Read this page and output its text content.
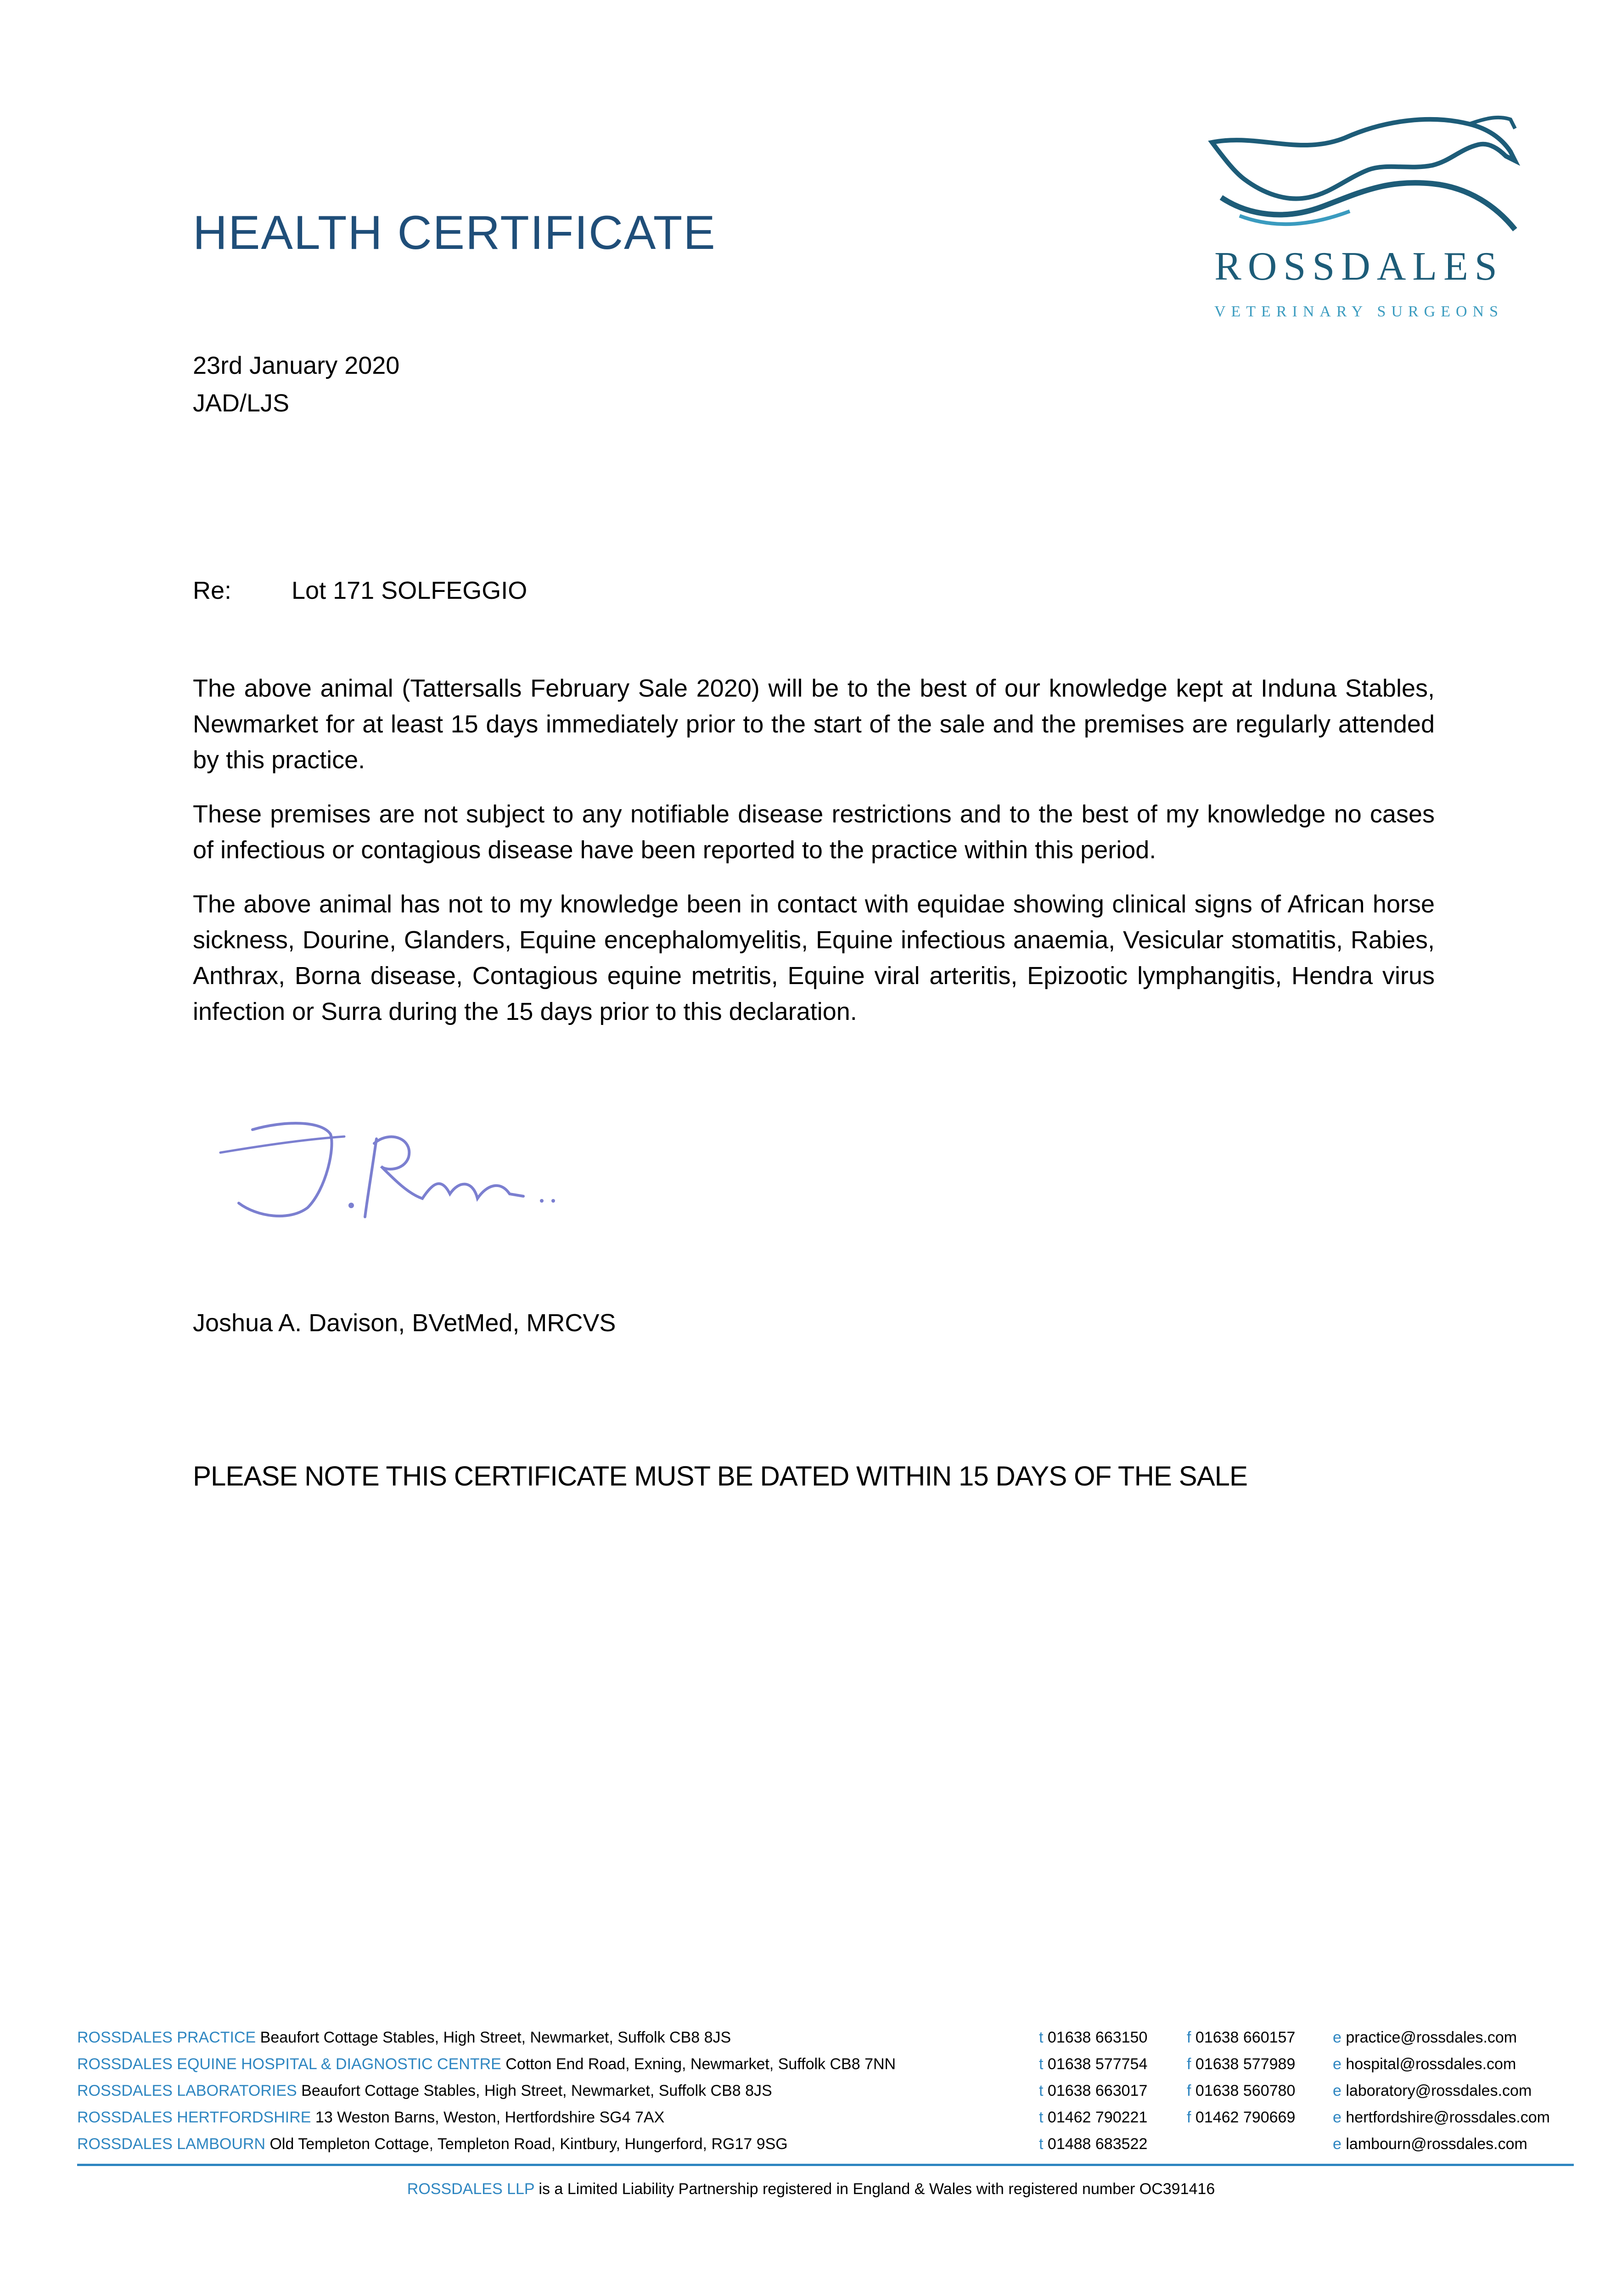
HEALTH CERTIFICATE
ROSSDALES
VETERINARY SURGEONS
23rd January 2020
JAD/LJS
Re: Lot 171 SOLFEGGIO

The above animal (Tattersalls February Sale 2020) will be to the best of our knowledge kept at Induna Stables, Newmarket for at least 15 days immediately prior to the start of the sale and the premises are regularly attended by this practice.

These premises are not subject to any notifiable disease restrictions and to the best of my knowledge no cases of infectious or contagious disease have been reported to the practice within this period.

The above animal has not to my knowledge been in contact with equidae showing clinical signs of African horse sickness, Dourine, Glanders, Equine encephalomyelitis, Equine infectious anaemia, Vesicular stomatitis, Rabies, Anthrax, Borna disease, Contagious equine metritis, Equine viral arteritis, Epizootic lymphangitis, Hendra virus infection or Surra during the 15 days prior to this declaration.

Joshua A. Davison, BVetMed, MRCVS
PLEASE NOTE THIS CERTIFICATE MUST BE DATED WITHIN 15 DAYS OF THE SALE
ROSSDALES PRACTICE Beaufort Cottage Stables, High Street, Newmarket, Suffolk CB8 8JS	t 01638 663150	f 01638 660157 e practice@rossdales.com
ROSSDALES EQUINE HOSPITAL & DIAGNOSTIC CENTRE Cotton End Road, Exning, Newmarket, Suffolk CB8 7NN	t 01638 577754	f 01638 577989 e hospital@rossdales.com
ROSSDALES LABORATORIES Beaufort Cottage Stables, High Street, Newmarket, Suffolk CB8 8JS	t 01638 663017	f 01638 560780 e laboratory@rossdales.com
ROSSDALES HERTFORDSHIRE 13 Weston Barns, Weston, Hertfordshire SG4 7AX	t 01462 790221	f 01462 790669 e hertfordshire@rossdales.com
ROSSDALES LAMBOURN Old Templeton Cottage, Templeton Road, Kintbury, Hungerford, RG17 9SG	t 01488 683522	e lambourn@rossdales.com
ROSSDALES LLP is a Limited Liability Partnership registered in England & Wales with registered number OC391416
